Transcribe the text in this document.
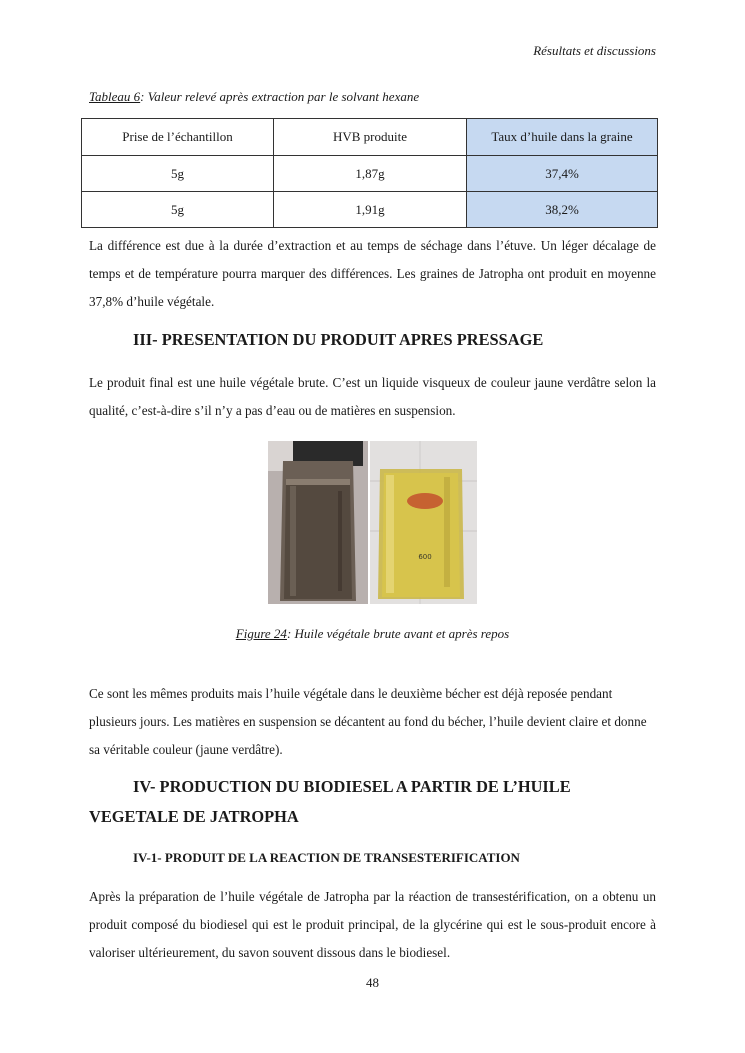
Résultats et discussions
Tableau 6: Valeur relevé après extraction par le solvant hexane
Prise de l’échantillon	HVB produite	Taux d’huile dans la graine
5g	1,87g	37,4%
5g	1,91g	38,2%
La différence est due à la durée d’extraction et au temps de séchage dans l’étuve. Un léger décalage de temps et de température pourra marquer des différences. Les graines de Jatropha ont produit en moyenne 37,8% d’huile végétale.
III- PRESENTATION DU PRODUIT APRES PRESSAGE
Le produit final est une huile végétale brute. C’est un liquide visqueux de couleur jaune verdâtre selon la qualité, c’est-à-dire s’il n’y a pas d’eau ou de matières en suspension.
600
Figure 24: Huile végétale brute avant et après repos
Ce sont les mêmes produits mais l’huile végétale dans le deuxième bécher est déjà reposée pendant plusieurs jours. Les matières en suspension se décantent au fond du bécher, l’huile devient claire et donne sa véritable couleur (jaune verdâtre).
IV- PRODUCTION DU BIODIESEL A PARTIR DE L’HUILE
VEGETALE DE JATROPHA
IV-1- PRODUIT DE LA REACTION DE TRANSESTERIFICATION
Après la préparation de l’huile végétale de Jatropha par la réaction de transestérification, on a obtenu un produit composé du biodiesel qui est le produit principal, de la glycérine qui est le sous-produit encore à valoriser ultérieurement, du savon souvent dissous dans le biodiesel.
48
